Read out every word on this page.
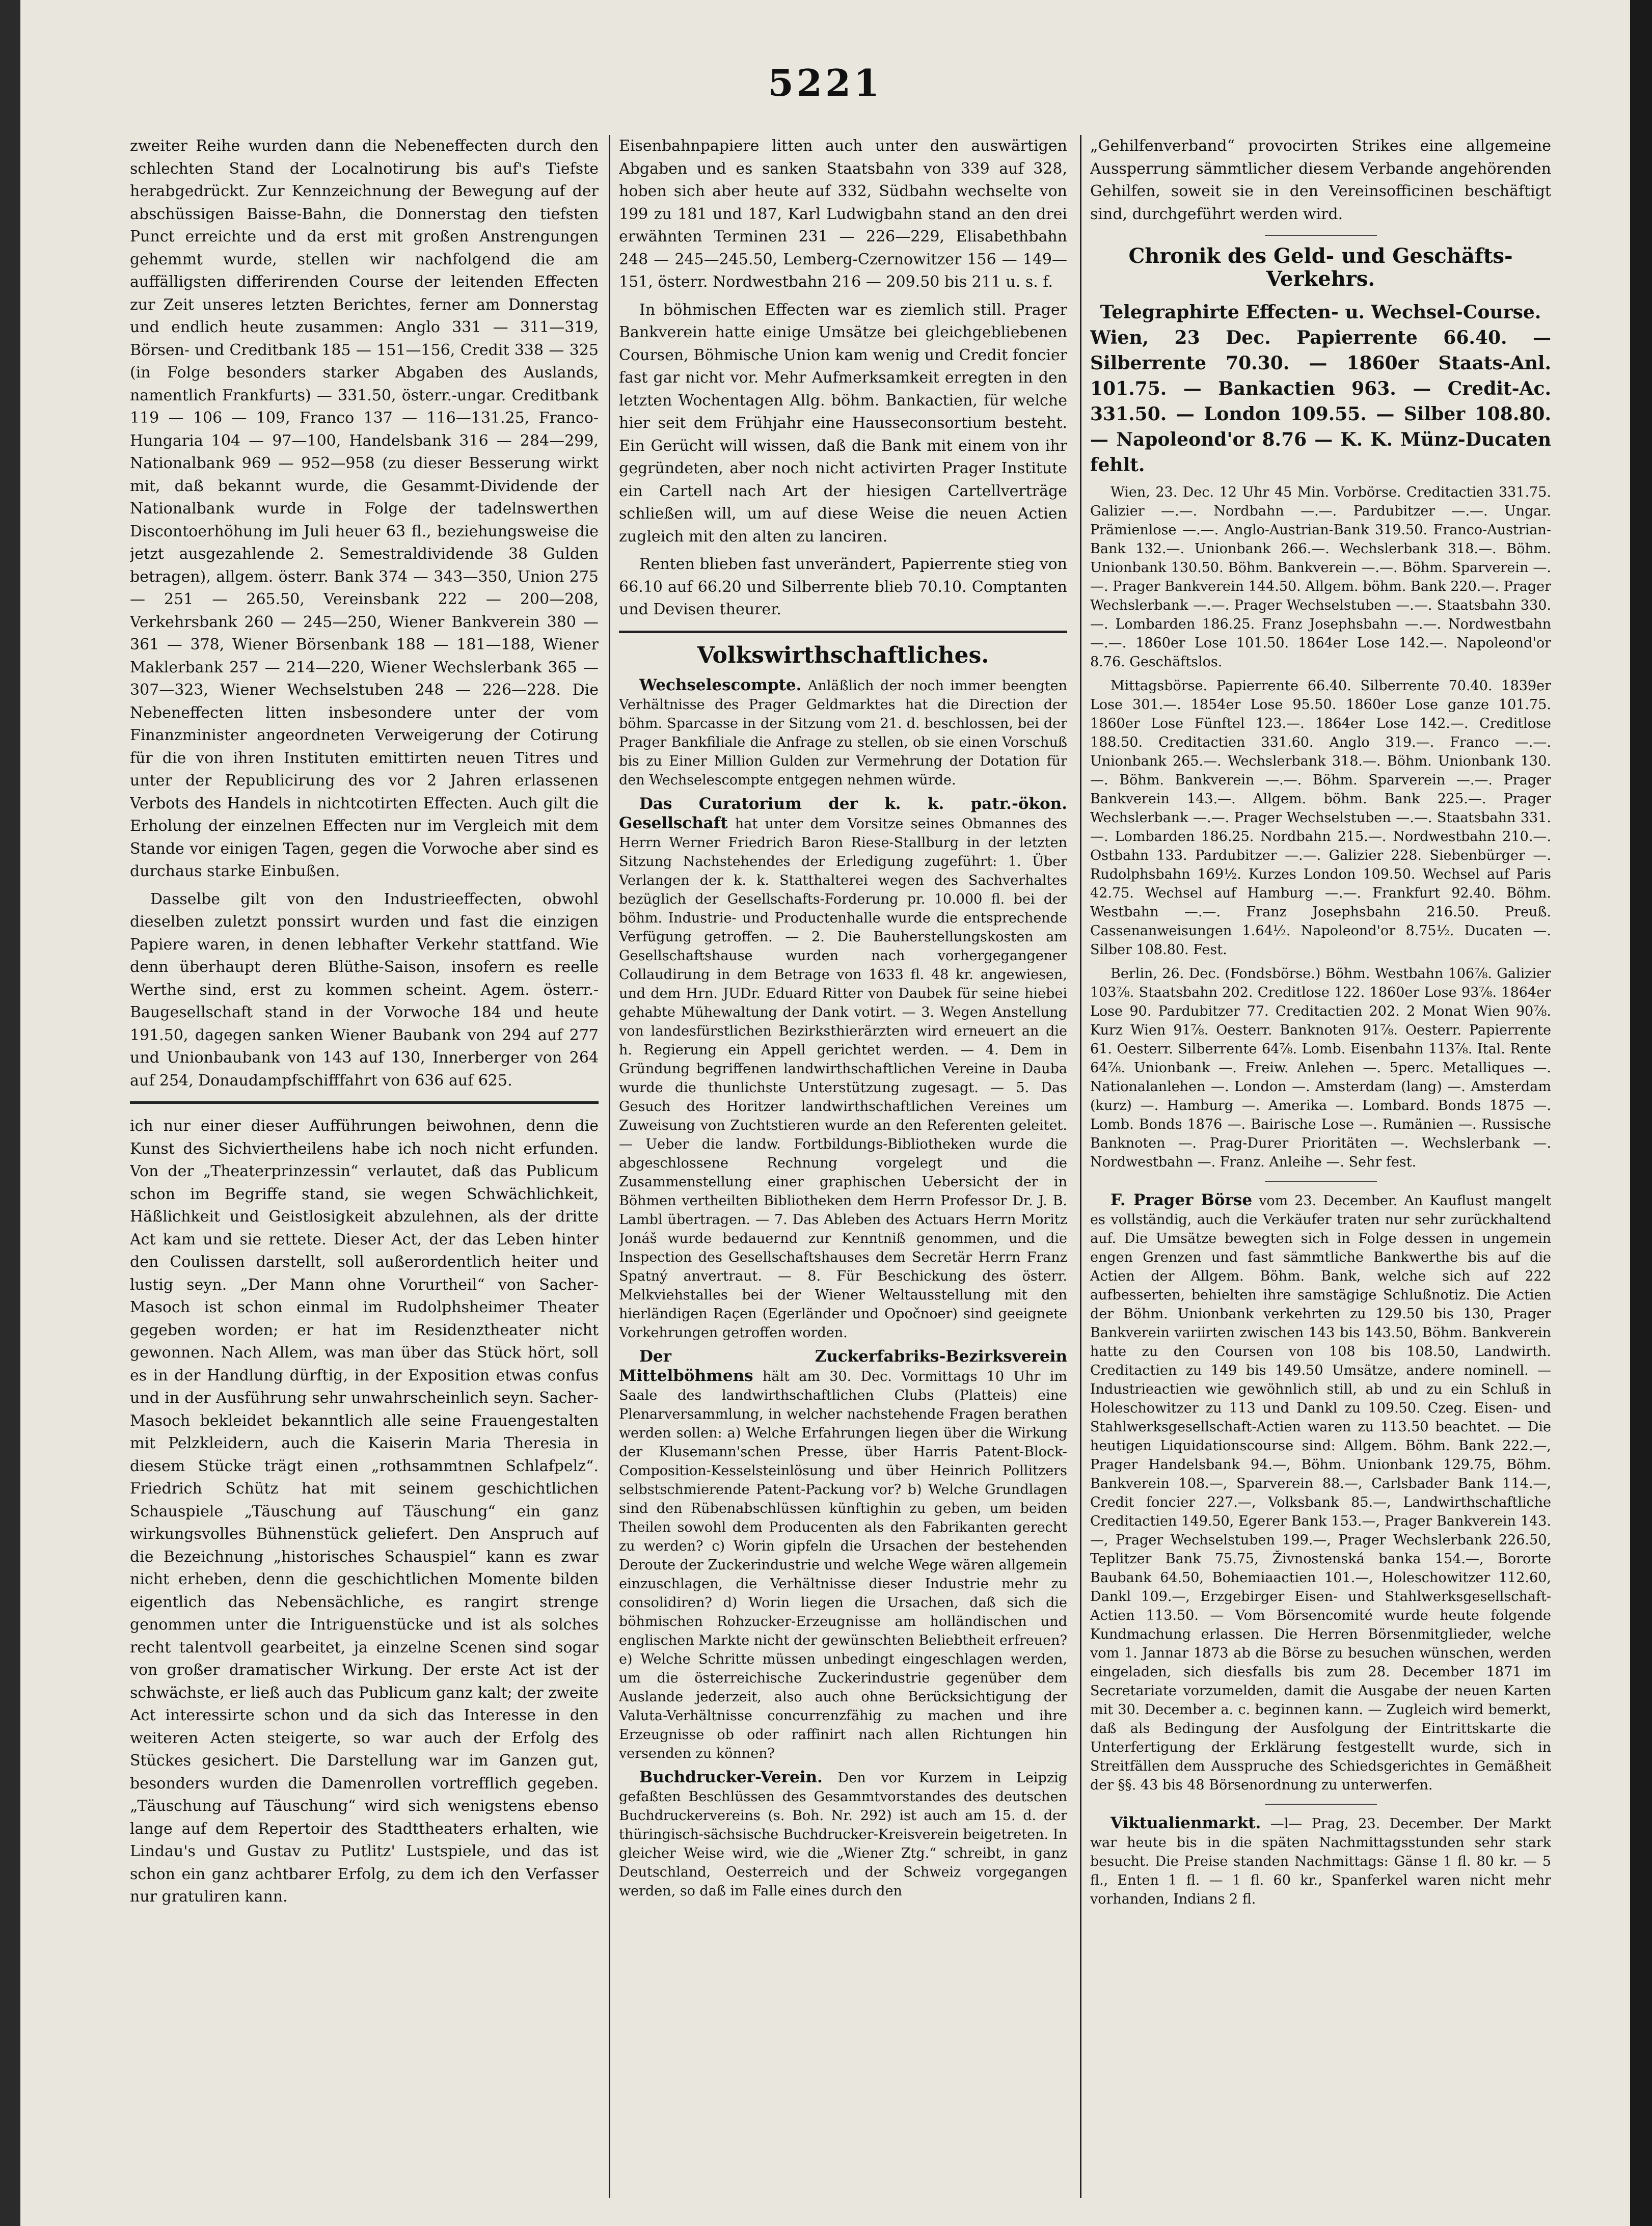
5221

zweiter Reihe wurden dann die Nebeneffecten durch den schlechten Stand der Localnotirung bis auf's Tiefste herabgedrückt. Zur Kennzeichnung der Bewegung auf der abschüssigen Baisse-Bahn, die Donnerstag den tiefsten Punct erreichte und da erst mit großen Anstrengungen gehemmt wurde, stellen wir nachfolgend die am auffälligsten differirenden Course der leitenden Effecten zur Zeit unseres letzten Berichtes, ferner am Donnerstag und endlich heute zusammen: Anglo 331 — 311—319, Börsen- und Creditbank 185 — 151—156, Credit 338 — 325 (in Folge besonders starker Abgaben des Auslands, namentlich Frankfurts) — 331.50, österr.-ungar. Creditbank 119 — 106 — 109, Franco 137 — 116—131.25, Franco-Hungaria 104 — 97—100, Handelsbank 316 — 284—299, Nationalbank 969 — 952—958 (zu dieser Besserung wirkt mit, daß bekannt wurde, die Gesammt-Dividende der Nationalbank wurde in Folge der tadelnswerthen Discontoerhöhung im Juli heuer 63 fl., beziehungsweise die jetzt ausgezahlende 2. Semestraldividende 38 Gulden betragen), allgem. österr. Bank 374 — 343—350, Union 275 — 251 — 265.50, Vereinsbank 222 — 200—208, Verkehrsbank 260 — 245—250, Wiener Bankverein 380 — 361 — 378, Wiener Börsenbank 188 — 181—188, Wiener Maklerbank 257 — 214—220, Wiener Wechslerbank 365 — 307—323, Wiener Wechselstuben 248 — 226—228. Die Nebeneffecten litten insbesondere unter der vom Finanzminister angeordneten Verweigerung der Cotirung für die von ihren Instituten emittirten neuen Titres und unter der Republicirung des vor 2 Jahren erlassenen Verbots des Handels in nichtcotirten Effecten. Auch gilt die Erholung der einzelnen Effecten nur im Vergleich mit dem Stande vor einigen Tagen, gegen die Vorwoche aber sind es durchaus starke Einbußen.

Dasselbe gilt von den Industrieeffecten, obwohl dieselben zuletzt ponssirt wurden und fast die einzigen Papiere waren, in denen lebhafter Verkehr stattfand. Wie denn überhaupt deren Blüthe-Saison, insofern es reelle Werthe sind, erst zu kommen scheint. Agem. österr.-Baugesellschaft stand in der Vorwoche 184 und heute 191.50, dagegen sanken Wiener Baubank von 294 auf 277 und Unionbaubank von 143 auf 130, Innerberger von 264 auf 254, Donaudampfschifffahrt von 636 auf 625.

ich nur einer dieser Aufführungen beiwohnen, denn die Kunst des Sichviertheilens habe ich noch nicht erfunden. Von der „Theaterprinzessin“ verlautet, daß das Publicum schon im Begriffe stand, sie wegen Schwächlichkeit, Häßlichkeit und Geistlosigkeit abzulehnen, als der dritte Act kam und sie rettete. Dieser Act, der das Leben hinter den Coulissen darstellt, soll außerordentlich heiter und lustig seyn. „Der Mann ohne Vorurtheil“ von Sacher-Masoch ist schon einmal im Rudolphsheimer Theater gegeben worden; er hat im Residenztheater nicht gewonnen. Nach Allem, was man über das Stück hört, soll es in der Handlung dürftig, in der Exposition etwas confus und in der Ausführung sehr unwahrscheinlich seyn. Sacher-Masoch bekleidet bekanntlich alle seine Frauengestalten mit Pelzkleidern, auch die Kaiserin Maria Theresia in diesem Stücke trägt einen „rothsammtnen Schlafpelz“. Friedrich Schütz hat mit seinem geschichtlichen Schauspiele „Täuschung auf Täuschung“ ein ganz wirkungsvolles Bühnenstück geliefert. Den Anspruch auf die Bezeichnung „historisches Schauspiel“ kann es zwar nicht erheben, denn die geschichtlichen Momente bilden eigentlich das Nebensächliche, es rangirt strenge genommen unter die Intriguenstücke und ist als solches recht talentvoll gearbeitet, ja einzelne Scenen sind sogar von großer dramatischer Wirkung. Der erste Act ist der schwächste, er ließ auch das Publicum ganz kalt; der zweite Act interessirte schon und da sich das Interesse in den weiteren Acten steigerte, so war auch der Erfolg des Stückes gesichert. Die Darstellung war im Ganzen gut, besonders wurden die Damenrollen vortrefflich gegeben. „Täuschung auf Täuschung“ wird sich wenigstens ebenso lange auf dem Repertoir des Stadttheaters erhalten, wie Lindau's und Gustav zu Putlitz' Lustspiele, und das ist schon ein ganz achtbarer Erfolg, zu dem ich den Verfasser nur gratuliren kann.

Eisenbahnpapiere litten auch unter den auswärtigen Abgaben und es sanken Staatsbahn von 339 auf 328, hoben sich aber heute auf 332, Südbahn wechselte von 199 zu 181 und 187, Karl Ludwigbahn stand an den drei erwähnten Terminen 231 — 226—229, Elisabethbahn 248 — 245—245.50, Lemberg-Czernowitzer 156 — 149—151, österr. Nordwestbahn 216 — 209.50 bis 211 u. s. f.

In böhmischen Effecten war es ziemlich still. Prager Bankverein hatte einige Umsätze bei gleichgebliebenen Coursen, Böhmische Union kam wenig und Credit foncier fast gar nicht vor. Mehr Aufmerksamkeit erregten in den letzten Wochentagen Allg. böhm. Bankactien, für welche hier seit dem Frühjahr eine Hausseconsortium besteht. Ein Gerücht will wissen, daß die Bank mit einem von ihr gegründeten, aber noch nicht activirten Prager Institute ein Cartell nach Art der hiesigen Cartellverträge schließen will, um auf diese Weise die neuen Actien zugleich mit den alten zu lanciren.

Renten blieben fast unverändert, Papierrente stieg von 66.10 auf 66.20 und Silberrente blieb 70.10. Comptanten und Devisen theurer.

Volkswirthschaftliches.

Wechselescompte. Anläßlich der noch immer beengten Verhältnisse des Prager Geldmarktes hat die Direction der böhm. Sparcasse in der Sitzung vom 21. d. beschlossen, bei der Prager Bankfiliale die Anfrage zu stellen, ob sie einen Vorschuß bis zu Einer Million Gulden zur Vermehrung der Dotation für den Wechselescompte entgegen nehmen würde.

Das Curatorium der k. k. patr.-ökon. Gesellschaft hat unter dem Vorsitze seines Obmannes des Herrn Werner Friedrich Baron Riese-Stallburg in der letzten Sitzung Nachstehendes der Erledigung zugeführt: 1. Über Verlangen der k. k. Statthalterei wegen des Sachverhaltes bezüglich der Gesellschafts-Forderung pr. 10.000 fl. bei der böhm. Industrie- und Productenhalle wurde die entsprechende Verfügung getroffen. — 2. Die Bauherstellungskosten am Gesellschaftshause wurden nach vorhergegangener Collaudirung in dem Betrage von 1633 fl. 48 kr. angewiesen, und dem Hrn. JUDr. Eduard Ritter von Daubek für seine hiebei gehabte Mühewaltung der Dank votirt. — 3. Wegen Anstellung von landesfürstlichen Bezirksthierärzten wird erneuert an die h. Regierung ein Appell gerichtet werden. — 4. Dem in Gründung begriffenen landwirthschaftlichen Vereine in Dauba wurde die thunlichste Unterstützung zugesagt. — 5. Das Gesuch des Horitzer landwirthschaftlichen Vereines um Zuweisung von Zuchtstieren wurde an den Referenten geleitet. — Ueber die landw. Fortbildungs-Bibliotheken wurde die abgeschlossene Rechnung vorgelegt und die Zusammenstellung einer graphischen Uebersicht der in Böhmen vertheilten Bibliotheken dem Herrn Professor Dr. J. B. Lambl übertragen. — 7. Das Ableben des Actuars Herrn Moritz Jonáš wurde bedauernd zur Kenntniß genommen, und die Inspection des Gesellschaftshauses dem Secretär Herrn Franz Spatný anvertraut. — 8. Für Beschickung des österr. Melkviehstalles bei der Wiener Weltausstellung mit den hierländigen Raçen (Egerländer und Opočnoer) sind geeignete Vorkehrungen getroffen worden.

Der Zuckerfabriks-Bezirksverein Mittelböhmens hält am 30. Dec. Vormittags 10 Uhr im Saale des landwirthschaftlichen Clubs (Platteis) eine Plenarversammlung, in welcher nachstehende Fragen berathen werden sollen: a) Welche Erfahrungen liegen über die Wirkung der Klusemann'schen Presse, über Harris Patent-Block-Composition-Kesselsteinlösung und über Heinrich Pollitzers selbstschmierende Patent-Packung vor? b) Welche Grundlagen sind den Rübenabschlüssen künftighin zu geben, um beiden Theilen sowohl dem Producenten als den Fabrikanten gerecht zu werden? c) Worin gipfeln die Ursachen der bestehenden Deroute der Zuckerindustrie und welche Wege wären allgemein einzuschlagen, die Verhältnisse dieser Industrie mehr zu consolidiren? d) Worin liegen die Ursachen, daß sich die böhmischen Rohzucker-Erzeugnisse am holländischen und englischen Markte nicht der gewünschten Beliebtheit erfreuen? e) Welche Schritte müssen unbedingt eingeschlagen werden, um die österreichische Zuckerindustrie gegenüber dem Auslande jederzeit, also auch ohne Berücksichtigung der Valuta-Verhältnisse concurrenzfähig zu machen und ihre Erzeugnisse ob oder raffinirt nach allen Richtungen hin versenden zu können?

Buchdrucker-Verein. Den vor Kurzem in Leipzig gefaßten Beschlüssen des Gesammtvorstandes des deutschen Buchdruckervereins (s. Boh. Nr. 292) ist auch am 15. d. der thüringisch-sächsische Buchdrucker-Kreisverein beigetreten. In gleicher Weise wird, wie die „Wiener Ztg.“ schreibt, in ganz Deutschland, Oesterreich und der Schweiz vorgegangen werden, so daß im Falle eines durch den

„Gehilfenverband“ provocirten Strikes eine allgemeine Aussperrung sämmtlicher diesem Verbande angehörenden Gehilfen, soweit sie in den Vereinsofficinen beschäftigt sind, durchgeführt werden wird.

Chronik des Geld- und Geschäfts-Verkehrs.
Telegraphirte Effecten- u. Wechsel-Course.

Wien, 23 Dec. Papierrente 66.40. — Silberrente 70.30. — 1860er Staats-Anl. 101.75. — Bankactien 963. — Credit-Ac. 331.50. — London 109.55. — Silber 108.80. — Napoleond'or 8.76 — K. K. Münz-Ducaten fehlt.

Wien, 23. Dec. 12 Uhr 45 Min. Vorbörse. Creditactien 331.75. Galizier —.—. Nordbahn —.—. Pardubitzer —.—. Ungar. Prämienlose —.—. Anglo-Austrian-Bank 319.50. Franco-Austrian-Bank 132.—. Unionbank 266.—. Wechslerbank 318.—. Böhm. Unionbank 130.50. Böhm. Bankverein —.—. Böhm. Sparverein —.—. Prager Bankverein 144.50. Allgem. böhm. Bank 220.—. Prager Wechslerbank —.—. Prager Wechselstuben —.—. Staatsbahn 330.—. Lombarden 186.25. Franz Josephsbahn —.—. Nordwestbahn —.—. 1860er Lose 101.50. 1864er Lose 142.—. Napoleond'or 8.76. Geschäftslos.

Mittagsbörse. Papierrente 66.40. Silberrente 70.40. 1839er Lose 301.—. 1854er Lose 95.50. 1860er Lose ganze 101.75. 1860er Lose Fünftel 123.—. 1864er Lose 142.—. Creditlose 188.50. Creditactien 331.60. Anglo 319.—. Franco —.—. Unionbank 265.—. Wechslerbank 318.—. Böhm. Unionbank 130.—. Böhm. Bankverein —.—. Böhm. Sparverein —.—. Prager Bankverein 143.—. Allgem. böhm. Bank 225.—. Prager Wechslerbank —.—. Prager Wechselstuben —.—. Staatsbahn 331.—. Lombarden 186.25. Nordbahn 215.—. Nordwestbahn 210.—. Ostbahn 133. Pardubitzer —.—. Galizier 228. Siebenbürger —. Rudolphsbahn 169½. Kurzes London 109.50. Wechsel auf Paris 42.75. Wechsel auf Hamburg —.—. Frankfurt 92.40. Böhm. Westbahn —.—. Franz Josephsbahn 216.50. Preuß. Cassenanweisungen 1.64½. Napoleond'or 8.75½. Ducaten —. Silber 108.80. Fest.

Berlin, 26. Dec. (Fondsbörse.) Böhm. Westbahn 106⅞. Galizier 103⅞. Staatsbahn 202. Creditlose 122. 1860er Lose 93⅞. 1864er Lose 90. Pardubitzer 77. Creditactien 202. 2 Monat Wien 90⅞. Kurz Wien 91⅞. Oesterr. Banknoten 91⅞. Oesterr. Papierrente 61. Oesterr. Silberrente 64⅞. Lomb. Eisenbahn 113⅞. Ital. Rente 64⅞. Unionbank —. Freiw. Anlehen —. 5perc. Metalliques —. Nationalanlehen —. London —. Amsterdam (lang) —. Amsterdam (kurz) —. Hamburg —. Amerika —. Lombard. Bonds 1875 —. Lomb. Bonds 1876 —. Bairische Lose —. Rumänien —. Russische Banknoten —. Prag-Durer Prioritäten —. Wechslerbank —. Nordwestbahn —. Franz. Anleihe —. Sehr fest.

F. Prager Börse vom 23. December. An Kauflust mangelt es vollständig, auch die Verkäufer traten nur sehr zurückhaltend auf. Die Umsätze bewegten sich in Folge dessen in ungemein engen Grenzen und fast sämmtliche Bankwerthe bis auf die Actien der Allgem. Böhm. Bank, welche sich auf 222 aufbesserten, behielten ihre samstägige Schlußnotiz. Die Actien der Böhm. Unionbank verkehrten zu 129.50 bis 130, Prager Bankverein variirten zwischen 143 bis 143.50, Böhm. Bankverein hatte zu den Coursen von 108 bis 108.50, Landwirth. Creditactien zu 149 bis 149.50 Umsätze, andere nominell. — Industrieactien wie gewöhnlich still, ab und zu ein Schluß in Holeschowitzer zu 113 und Dankl zu 109.50. Czeg. Eisen- und Stahlwerksgesellschaft-Actien waren zu 113.50 beachtet. — Die heutigen Liquidationscourse sind: Allgem. Böhm. Bank 222.—, Prager Handelsbank 94.—, Böhm. Unionbank 129.75, Böhm. Bankverein 108.—, Sparverein 88.—, Carlsbader Bank 114.—, Credit foncier 227.—, Volksbank 85.—, Landwirthschaftliche Creditactien 149.50, Egerer Bank 153.—, Prager Bankverein 143.—, Prager Wechselstuben 199.—, Prager Wechslerbank 226.50, Teplitzer Bank 75.75, Živnostenská banka 154.—, Bororte Baubank 64.50, Bohemiaactien 101.—, Holeschowitzer 112.60, Dankl 109.—, Erzgebirger Eisen- und Stahlwerksgesellschaft-Actien 113.50. — Vom Börsencomité wurde heute folgende Kundmachung erlassen. Die Herren Börsenmitglieder, welche vom 1. Jannar 1873 ab die Börse zu besuchen wünschen, werden eingeladen, sich diesfalls bis zum 28. December 1871 im Secretariate vorzumelden, damit die Ausgabe der neuen Karten mit 30. December a. c. beginnen kann. — Zugleich wird bemerkt, daß als Bedingung der Ausfolgung der Eintrittskarte die Unterfertigung der Erklärung festgestellt wurde, sich in Streitfällen dem Ausspruche des Schiedsgerichtes in Gemäßheit der §§. 43 bis 48 Börsenordnung zu unterwerfen.

Viktualienmarkt. —l— Prag, 23. December. Der Markt war heute bis in die späten Nachmittagsstunden sehr stark besucht. Die Preise standen Nachmittags: Gänse 1 fl. 80 kr. — 5 fl., Enten 1 fl. — 1 fl. 60 kr., Spanferkel waren nicht mehr vorhanden, Indians 2 fl.
